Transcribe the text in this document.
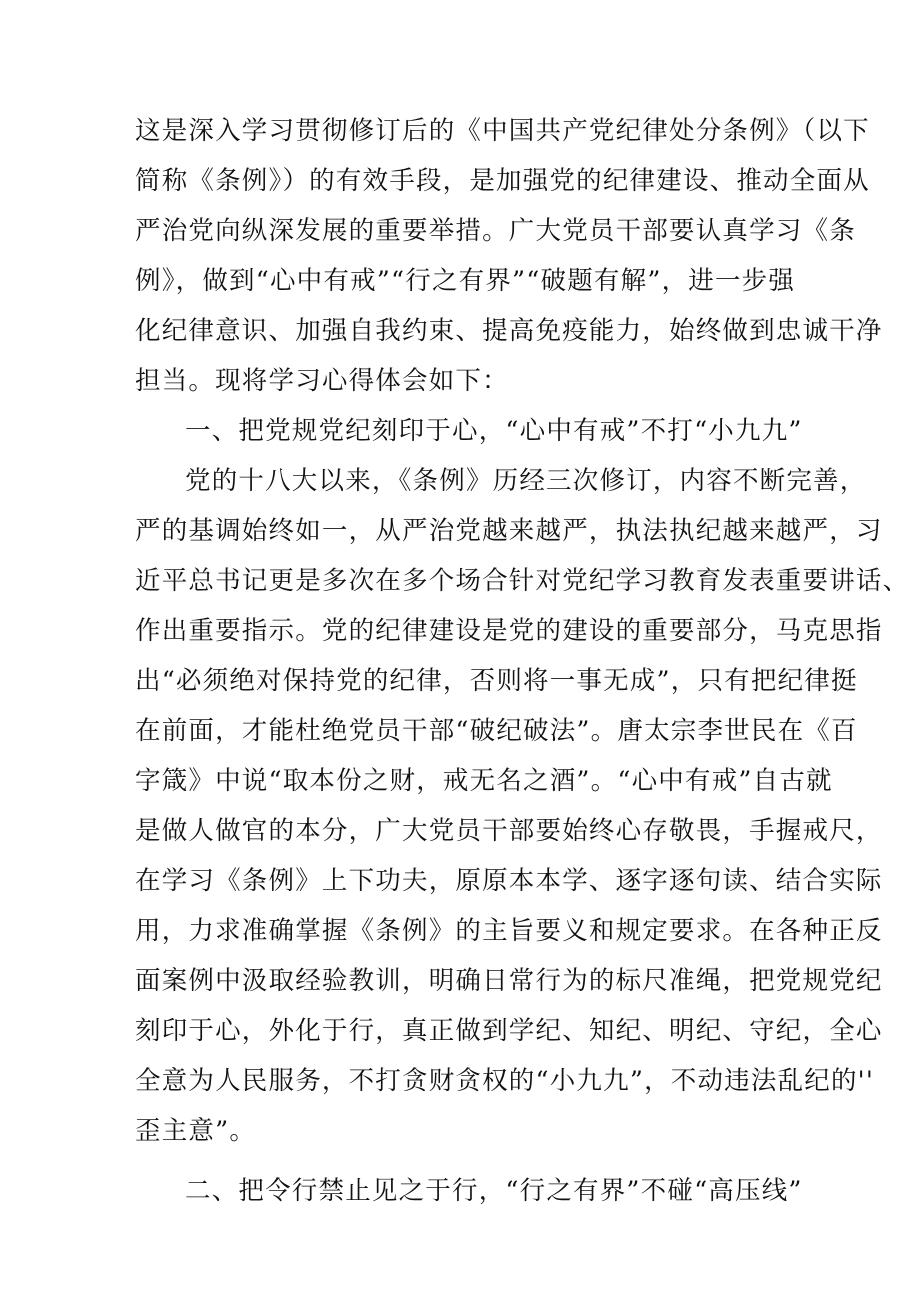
这是深入学习贯彻修订后的《中国共产党纪律处分条例》（以下
简称《条例》）的有效手段，是加强党的纪律建设、推动全面从
严治党向纵深发展的重要举措。广大党员干部要认真学习《条
例》，做到“心中有戒”“行之有界”“破题有解”，进一步强
化纪律意识、加强自我约束、提高免疫能力，始终做到忠诚干净
担当。现将学习心得体会如下：
一、把党规党纪刻印于心，“心中有戒”不打“小九九”
党的十八大以来，《条例》历经三次修订，内容不断完善，
严的基调始终如一，从严治党越来越严，执法执纪越来越严，习
近平总书记更是多次在多个场合针对党纪学习教育发表重要讲话、
作出重要指示。党的纪律建设是党的建设的重要部分，马克思指
出“必须绝对保持党的纪律，否则将一事无成”，只有把纪律挺
在前面，才能杜绝党员干部“破纪破法”。唐太宗李世民在《百
字箴》中说“取本份之财，戒无名之酒”。“心中有戒”自古就
是做人做官的本分，广大党员干部要始终心存敬畏，手握戒尺，
在学习《条例》上下功夫，原原本本学、逐字逐句读、结合实际
用，力求准确掌握《条例》的主旨要义和规定要求。在各种正反
面案例中汲取经验教训，明确日常行为的标尺准绳，把党规党纪
刻印于心，外化于行，真正做到学纪、知纪、明纪、守纪，全心
全意为人民服务，不打贪财贪权的“小九九”，不动违法乱纪的''
歪主意”。
二、把令行禁止见之于行，“行之有界”不碰“高压线”
